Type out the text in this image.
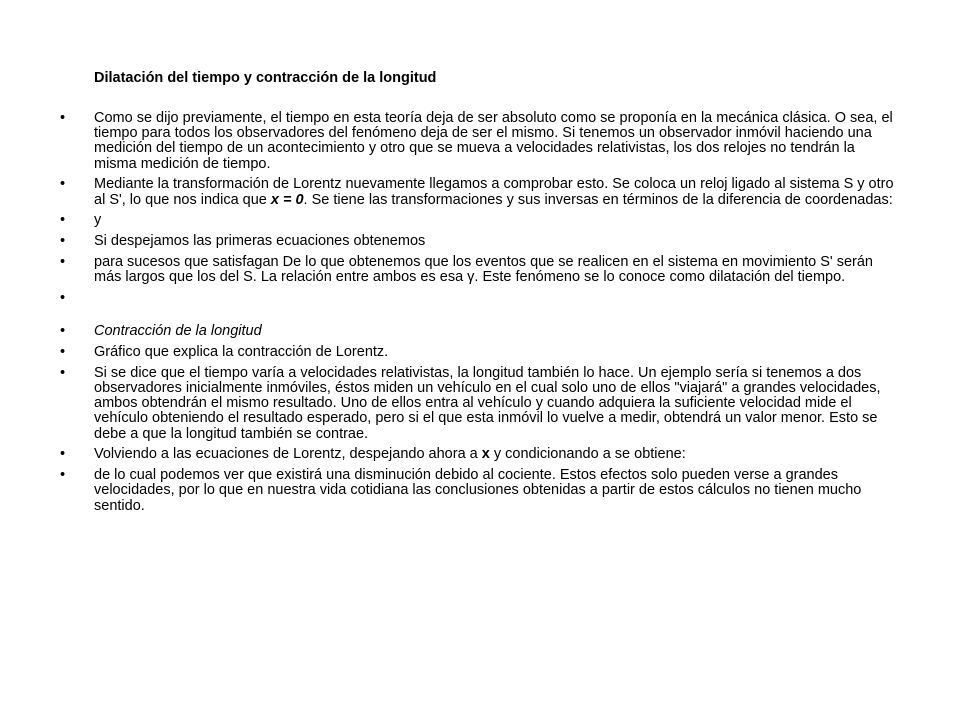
Dilatación del tiempo y contracción de la longitud
•	Como se dijo previamente, el tiempo en esta teoría deja de ser absoluto como se proponía en la mecánica clásica. O sea, el tiempo para todos los observadores del fenómeno deja de ser el mismo. Si tenemos un observador inmóvil haciendo una medición del tiempo de un acontecimiento y otro que se mueva a velocidades relativistas, los dos relojes no tendrán la misma medición de tiempo.
•	Mediante la transformación de Lorentz nuevamente llegamos a comprobar esto. Se coloca un reloj ligado al sistema S y otro al S', lo que nos indica que x = 0. Se tiene las transformaciones y sus inversas en términos de la diferencia de coordenadas:
•	y
•	Si despejamos las primeras ecuaciones obtenemos
•	para sucesos que satisfagan De lo que obtenemos que los eventos que se realicen en el sistema en movimiento S' serán más largos que los del S. La relación entre ambos es esa γ. Este fenómeno se lo conoce como dilatación del tiempo.
•
•	Contracción de la longitud
•	Gráfico que explica la contracción de Lorentz.
•	Si se dice que el tiempo varía a velocidades relativistas, la longitud también lo hace. Un ejemplo sería si tenemos a dos observadores inicialmente inmóviles, éstos miden un vehículo en el cual solo uno de ellos "viajará" a grandes velocidades, ambos obtendrán el mismo resultado. Uno de ellos entra al vehículo y cuando adquiera la suficiente velocidad mide el vehículo obteniendo el resultado esperado, pero si el que esta inmóvil lo vuelve a medir, obtendrá un valor menor. Esto se debe a que la longitud también se contrae.
•	Volviendo a las ecuaciones de Lorentz, despejando ahora a x y condicionando a se obtiene:
•	de lo cual podemos ver que existirá una disminución debido al cociente. Estos efectos solo pueden verse a grandes velocidades, por lo que en nuestra vida cotidiana las conclusiones obtenidas a partir de estos cálculos no tienen mucho sentido.
